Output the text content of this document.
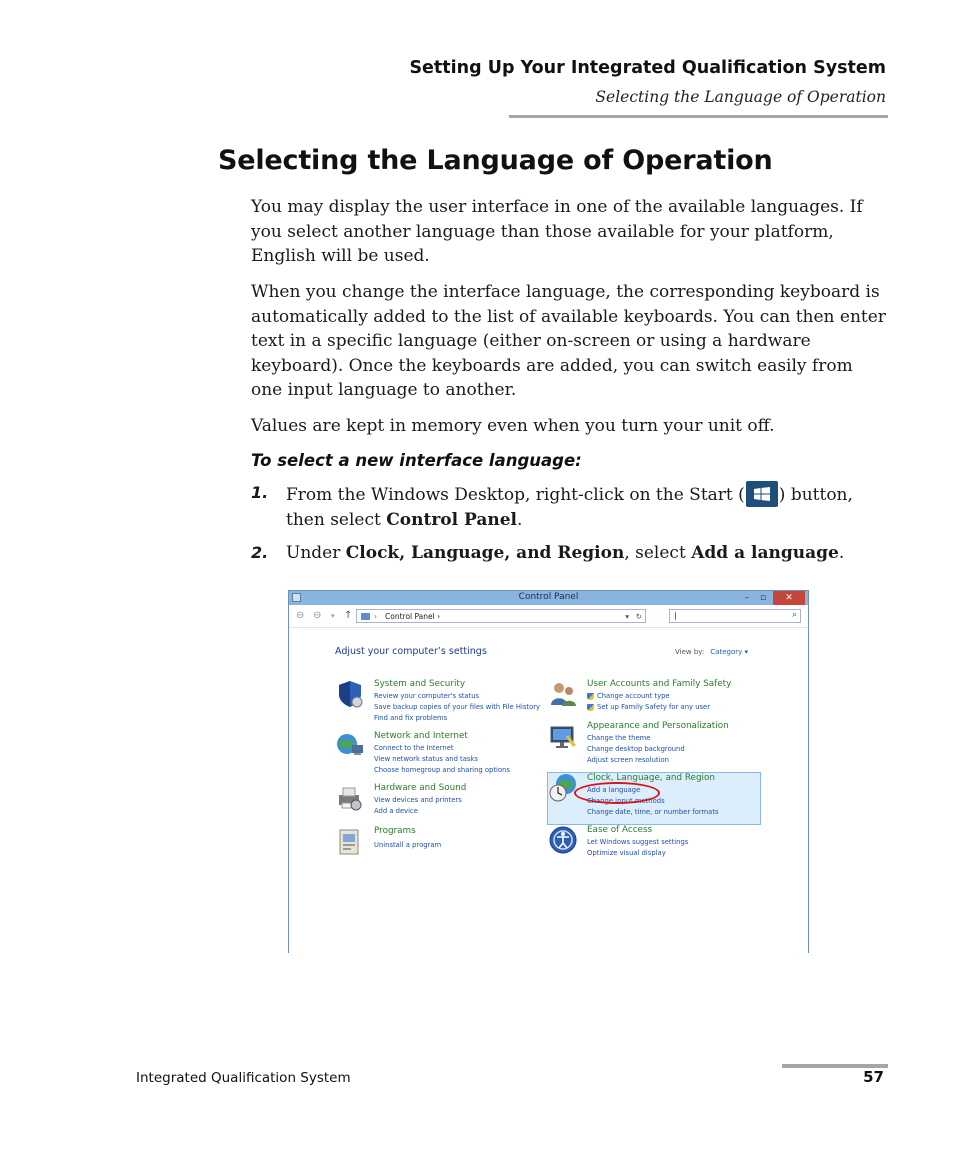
Setting Up Your Integrated Qualification System
Selecting the Language of Operation
Selecting the Language of Operation

You may display the user interface in one of the available languages. If you select another language than those available for your platform, English will be used.

When you change the interface language, the corresponding keyboard is automatically added to the list of available keyboards. You can then enter text in a specific language (either on-screen or using a hardware keyboard). Once the keyboards are added, you can switch easily from one input language to another.

Values are kept in memory even when you turn your unit off.

To select a new interface language:
1. From the Windows Desktop, right-click on the Start ( ) button, then select Control Panel.
2. Under Clock, Language, and Region, select Add a language.
Control Panel	–	▫	✕
⊖ ⊖ ▾ ↑	› Control Panel ›	▾ ↻	|	⌕
Adjust your computer’s settings	View by: Category ▾
System and Security
Review your computer's status
Save backup copies of your files with File History
Find and fix problems
Network and Internet
Connect to the Internet
View network status and tasks
Choose homegroup and sharing options
Hardware and Sound
View devices and printers
Add a device
Programs
Uninstall a program
User Accounts and Family Safety
Change account type
Set up Family Safety for any user
Appearance and Personalization
Change the theme
Change desktop background
Adjust screen resolution
Clock, Language, and Region
Add a language
Change input methods
Change date, time, or number formats
Ease of Access
Let Windows suggest settings
Optimize visual display
Integrated Qualification System	57
